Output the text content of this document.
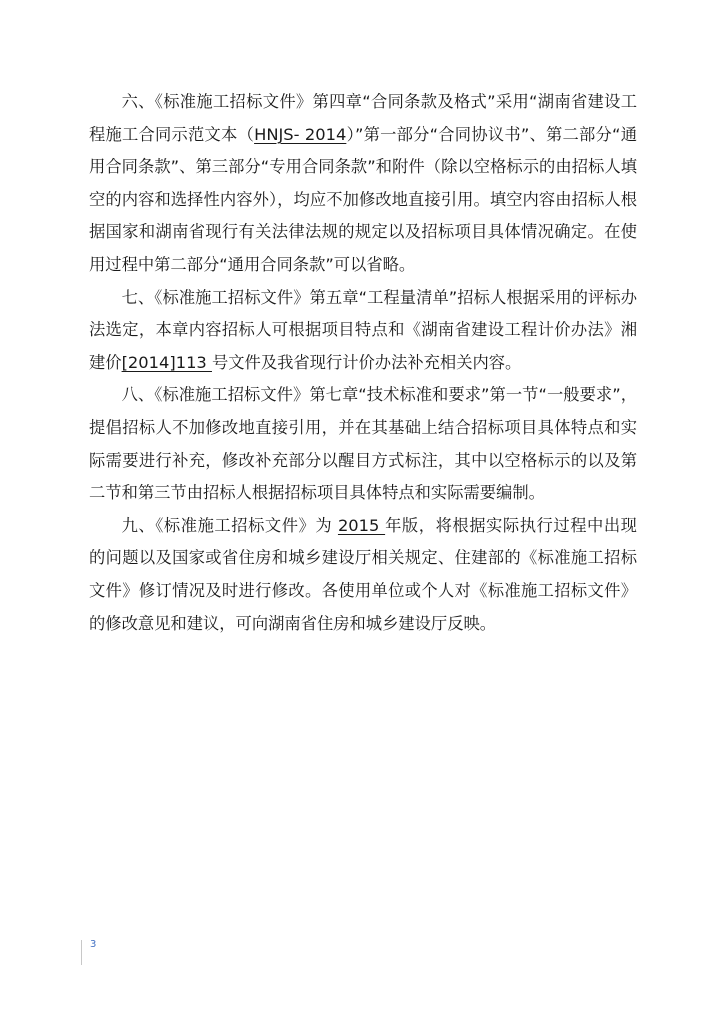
六、《标准施工招标文件》第四章“合同条款及格式”采用“湖南省建设工程施工合同示范文本（HNJS- 2014）”第一部分“合同协议书”、第二部分“通用合同条款”、第三部分“专用合同条款”和附件（除以空格标示的由招标人填空的内容和选择性内容外），均应不加修改地直接引用。填空内容由招标人根据国家和湖南省现行有关法律法规的规定以及招标项目具体情况确定。在使用过程中第二部分“通用合同条款”可以省略。

七、《标准施工招标文件》第五章“工程量清单”招标人根据采用的评标办法选定，本章内容招标人可根据项目特点和《湖南省建设工程计价办法》湘建价[2014]113 号文件及我省现行计价办法补充相关内容。

八、《标准施工招标文件》第七章“技术标准和要求”第一节“一般要求”，提倡招标人不加修改地直接引用，并在其基础上结合招标项目具体特点和实际需要进行补充，修改补充部分以醒目方式标注，其中以空格标示的以及第二节和第三节由招标人根据招标项目具体特点和实际需要编制。

九、《标准施工招标文件》为 2015 年版，将根据实际执行过程中出现的问题以及国家或省住房和城乡建设厅相关规定、住建部的《标准施工招标文件》修订情况及时进行修改。各使用单位或个人对《标准施工招标文件》的修改意见和建议，可向湖南省住房和城乡建设厅反映。

3
